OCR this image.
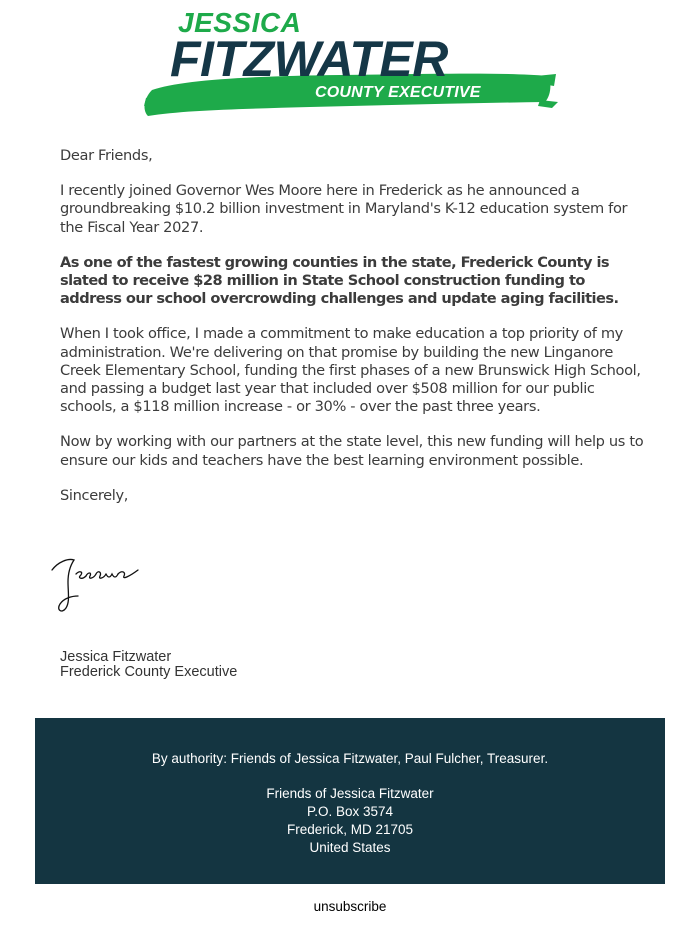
JESSICA
FITZWATER
COUNTY EXECUTIVE

Dear Friends,

I recently joined Governor Wes Moore here in Frederick as he announced a groundbreaking $10.2 billion investment in Maryland's K-12 education system for the Fiscal Year 2027.

As one of the fastest growing counties in the state, Frederick County is slated to receive $28 million in State School construction funding to address our school overcrowding challenges and update aging facilities.

When I took office, I made a commitment to make education a top priority of my administration. We're delivering on that promise by building the new Linganore Creek Elementary School, funding the first phases of a new Brunswick High School, and passing a budget last year that included over $508 million for our public schools, a $118 million increase - or 30% - over the past three years.

Now by working with our partners at the state level, this new funding will help us to ensure our kids and teachers have the best learning environment possible.

Sincerely,

Jessica Fitzwater
Frederick County Executive
By authority: Friends of Jessica Fitzwater, Paul Fulcher, Treasurer.
Friends of Jessica Fitzwater
P.O. Box 3574
Frederick, MD 21705
United States
unsubscribe
